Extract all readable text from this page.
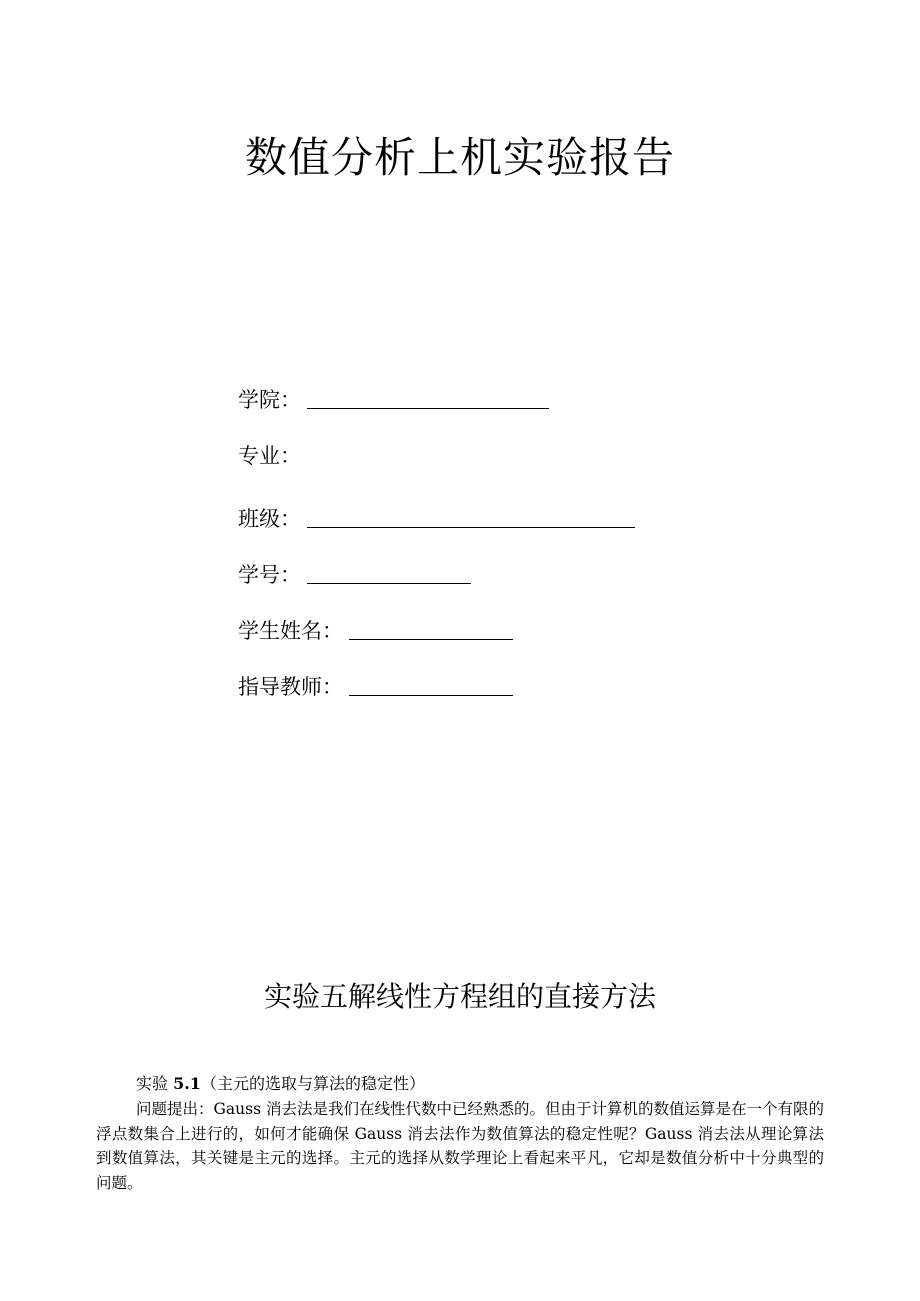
数值分析上机实验报告
学院：
专业：
班级：
学号：
学生姓名：
指导教师：
实验五解线性方程组的直接方法
实验 5.1（主元的选取与算法的稳定性）

问题提出：Gauss 消去法是我们在线性代数中已经熟悉的。但由于计算机的数值运算是在一个有限的浮点数集合上进行的，如何才能确保 Gauss 消去法作为数值算法的稳定性呢？Gauss 消去法从理论算法到数值算法，其关键是主元的选择。主元的选择从数学理论上看起来平凡，它却是数值分析中十分典型的问题。
